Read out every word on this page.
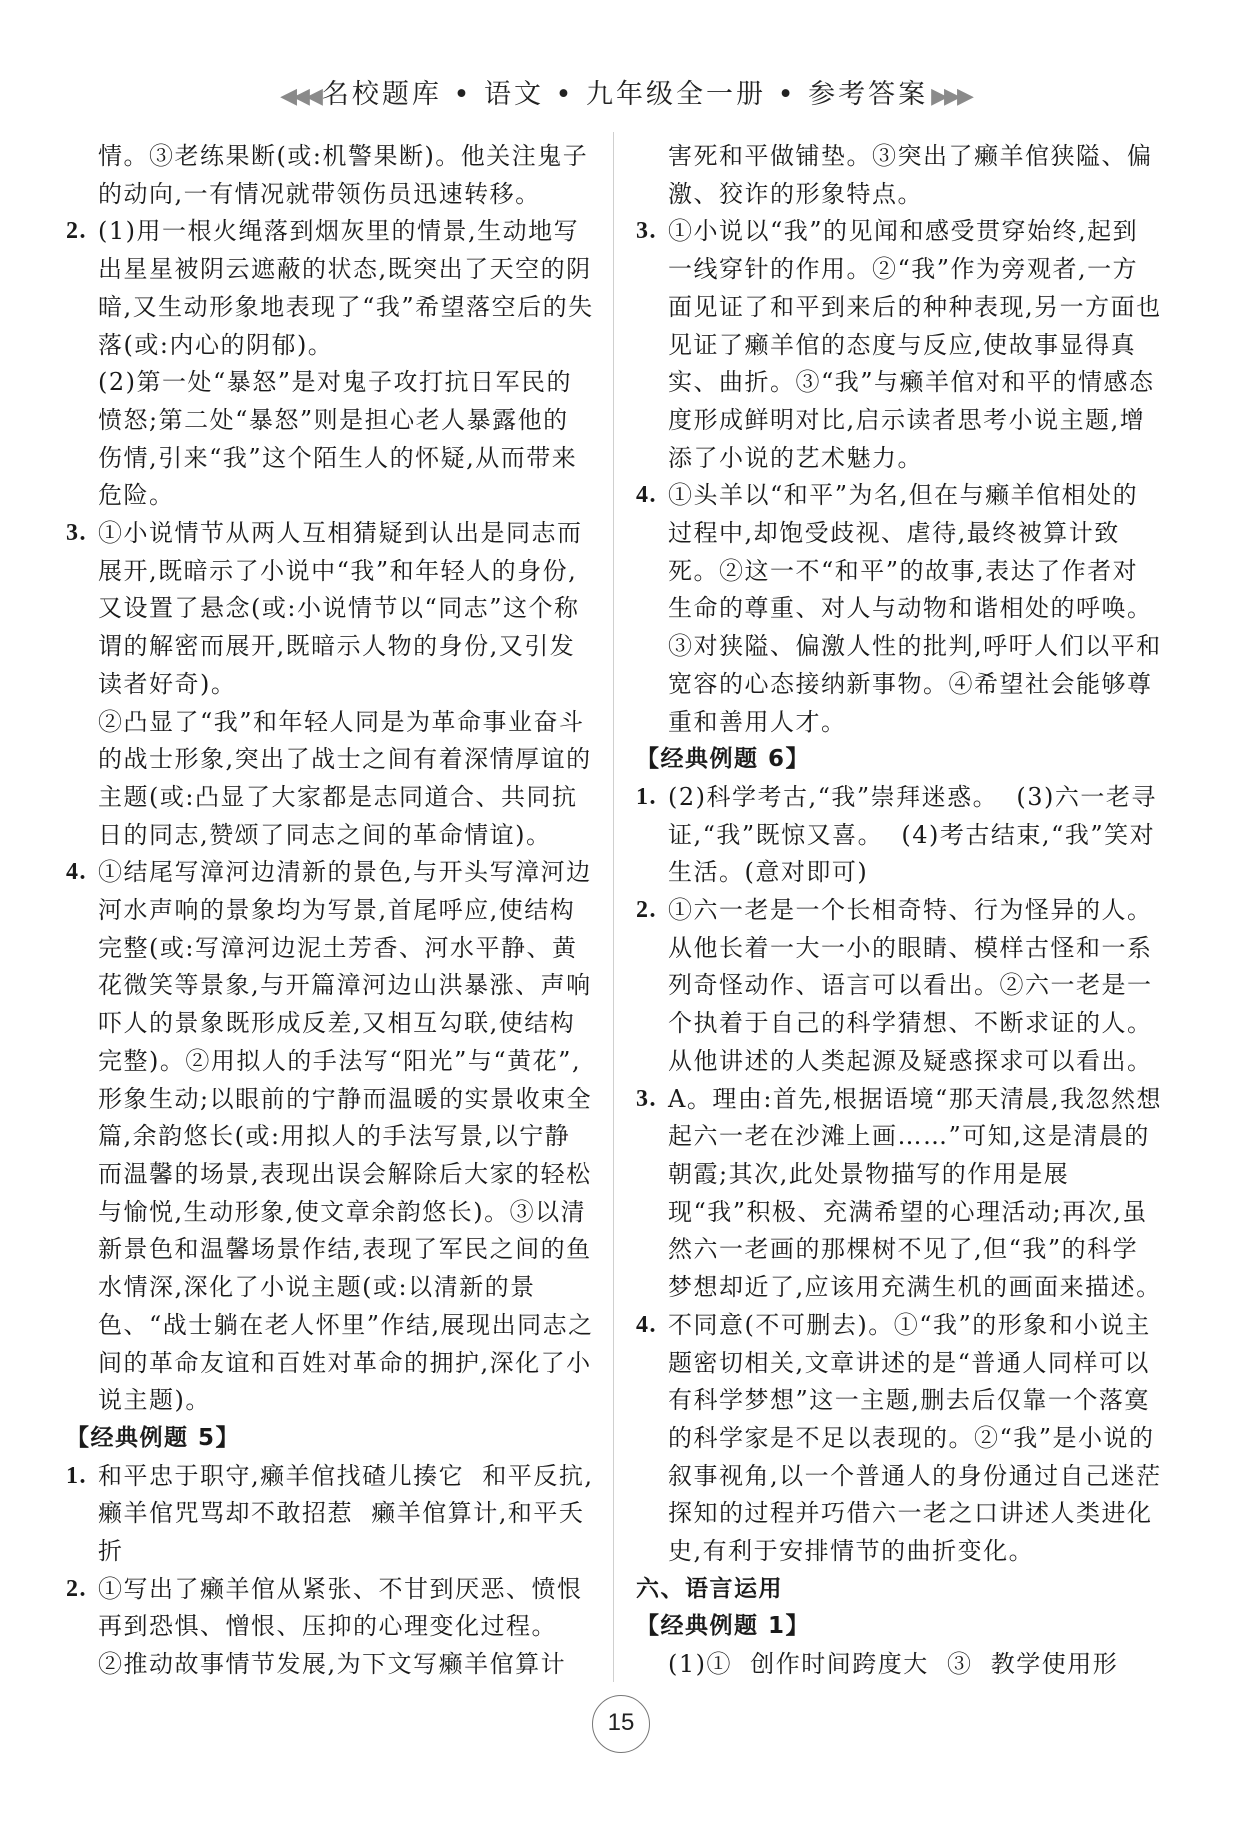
◀◀◀ 名校题库 • 语文 • 九年级全一册 • 参考答案 ▶▶▶

情。③老练果断(或:机警果断)。他关注鬼子的动向,一有情况就带领伤员迅速转移。

2. (1)用一根火绳落到烟灰里的情景,生动地写出星星被阴云遮蔽的状态,既突出了天空的阴暗,又生动形象地表现了“我”希望落空后的失落(或:内心的阴郁)。

(2)第一处“暴怒”是对鬼子攻打抗日军民的愤怒;第二处“暴怒”则是担心老人暴露他的伤情,引来“我”这个陌生人的怀疑,从而带来危险。

3. ①小说情节从两人互相猜疑到认出是同志而展开,既暗示了小说中“我”和年轻人的身份,又设置了悬念(或:小说情节以“同志”这个称谓的解密而展开,既暗示人物的身份,又引发读者好奇)。

②凸显了“我”和年轻人同是为革命事业奋斗的战士形象,突出了战士之间有着深情厚谊的主题(或:凸显了大家都是志同道合、共同抗日的同志,赞颂了同志之间的革命情谊)。

4. ①结尾写漳河边清新的景色,与开头写漳河边河水声响的景象均为写景,首尾呼应,使结构完整(或:写漳河边泥土芳香、河水平静、黄花微笑等景象,与开篇漳河边山洪暴涨、声响吓人的景象既形成反差,又相互勾联,使结构完整)。②用拟人的手法写“阳光”与“黄花”,形象生动;以眼前的宁静而温暖的实景收束全篇,余韵悠长(或:用拟人的手法写景,以宁静而温馨的场景,表现出误会解除后大家的轻松与愉悦,生动形象,使文章余韵悠长)。③以清新景色和温馨场景作结,表现了军民之间的鱼水情深,深化了小说主题(或:以清新的景色、“战士躺在老人怀里”作结,展现出同志之间的革命友谊和百姓对革命的拥护,深化了小说主题)。

【经典例题 5】

1. 和平忠于职守,癞羊倌找碴儿揍它  和平反抗,癞羊倌咒骂却不敢招惹  癞羊倌算计,和平夭折

2. ①写出了癞羊倌从紧张、不甘到厌恶、愤恨再到恐惧、憎恨、压抑的心理变化过程。

②推动故事情节发展,为下文写癞羊倌算计

害死和平做铺垫。③突出了癞羊倌狭隘、偏激、狡诈的形象特点。

3. ①小说以“我”的见闻和感受贯穿始终,起到一线穿针的作用。②“我”作为旁观者,一方面见证了和平到来后的种种表现,另一方面也见证了癞羊倌的态度与反应,使故事显得真实、曲折。③“我”与癞羊倌对和平的情感态度形成鲜明对比,启示读者思考小说主题,增添了小说的艺术魅力。

4. ①头羊以“和平”为名,但在与癞羊倌相处的过程中,却饱受歧视、虐待,最终被算计致死。②这一不“和平”的故事,表达了作者对生命的尊重、对人与动物和谐相处的呼唤。③对狭隘、偏激人性的批判,呼吁人们以平和宽容的心态接纳新事物。④希望社会能够尊重和善用人才。

【经典例题 6】

1. (2)科学考古,“我”崇拜迷惑。  (3)六一老寻证,“我”既惊又喜。  (4)考古结束,“我”笑对生活。(意对即可)

2. ①六一老是一个长相奇特、行为怪异的人。从他长着一大一小的眼睛、模样古怪和一系列奇怪动作、语言可以看出。②六一老是一个执着于自己的科学猜想、不断求证的人。从他讲述的人类起源及疑惑探求可以看出。

3. A。理由:首先,根据语境“那天清晨,我忽然想起六一老在沙滩上画……”可知,这是清晨的朝霞;其次,此处景物描写的作用是展现“我”积极、充满希望的心理活动;再次,虽然六一老画的那棵树不见了,但“我”的科学梦想却近了,应该用充满生机的画面来描述。

4. 不同意(不可删去)。①“我”的形象和小说主题密切相关,文章讲述的是“普通人同样可以有科学梦想”这一主题,删去后仅靠一个落寞的科学家是不足以表现的。②“我”是小说的叙事视角,以一个普通人的身份通过自己迷茫探知的过程并巧借六一老之口讲述人类进化史,有利于安排情节的曲折变化。

六、语言运用

【经典例题 1】

(1)①  创作时间跨度大  ③  教学使用形

15
